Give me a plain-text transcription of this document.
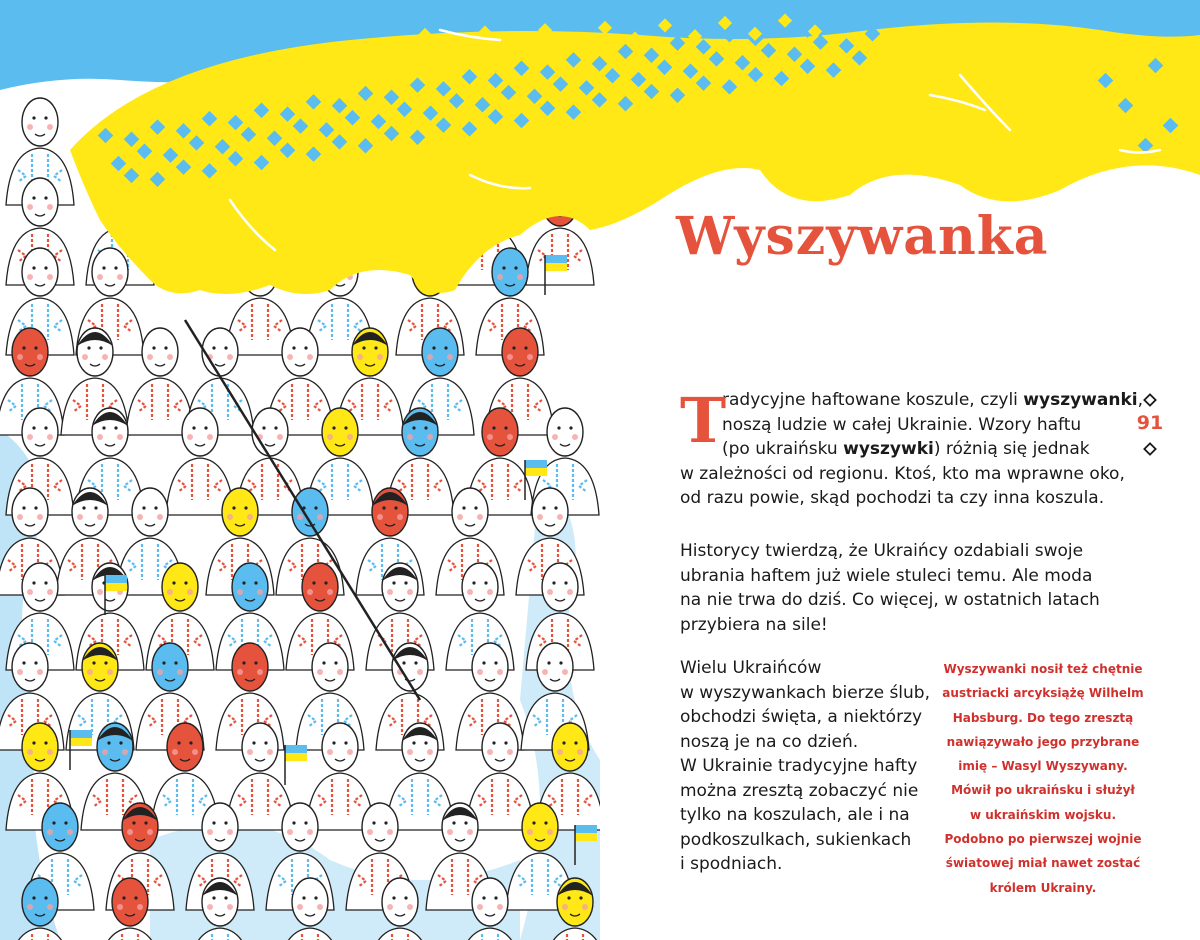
Wyszywanka
91
T
radycyjne haftowane koszule, czyli wyszywanki,
noszą ludzie w całej Ukrainie. Wzory haftu
(po ukraińsku wyszywki) różnią się jednak
w zależności od regionu. Ktoś, kto ma wprawne oko,
od razu powie, skąd pochodzi ta czy inna koszula.
Historycy twierdzą, że Ukraińcy ozdabiali swoje
ubrania haftem już wiele stuleci temu. Ale moda
na nie trwa do dziś. Co więcej, w ostatnich latach
przybiera na sile!
Wielu Ukraińców
w wyszywankach bierze ślub,
obchodzi święta, a niektórzy
noszą je na co dzień.
W Ukrainie tradycyjne hafty
można zresztą zobaczyć nie
tylko na koszulach, ale i na
podkoszulkach, sukienkach
i spodniach.
Wyszywanki nosił też chętnie
austriacki arcyksiążę Wilhelm
Habsburg. Do tego zresztą
nawiązywało jego przybrane
imię – Wasyl Wyszywany.
Mówił po ukraińsku i służył
w ukraińskim wojsku.
Podobno po pierwszej wojnie
światowej miał nawet zostać
królem Ukrainy.
